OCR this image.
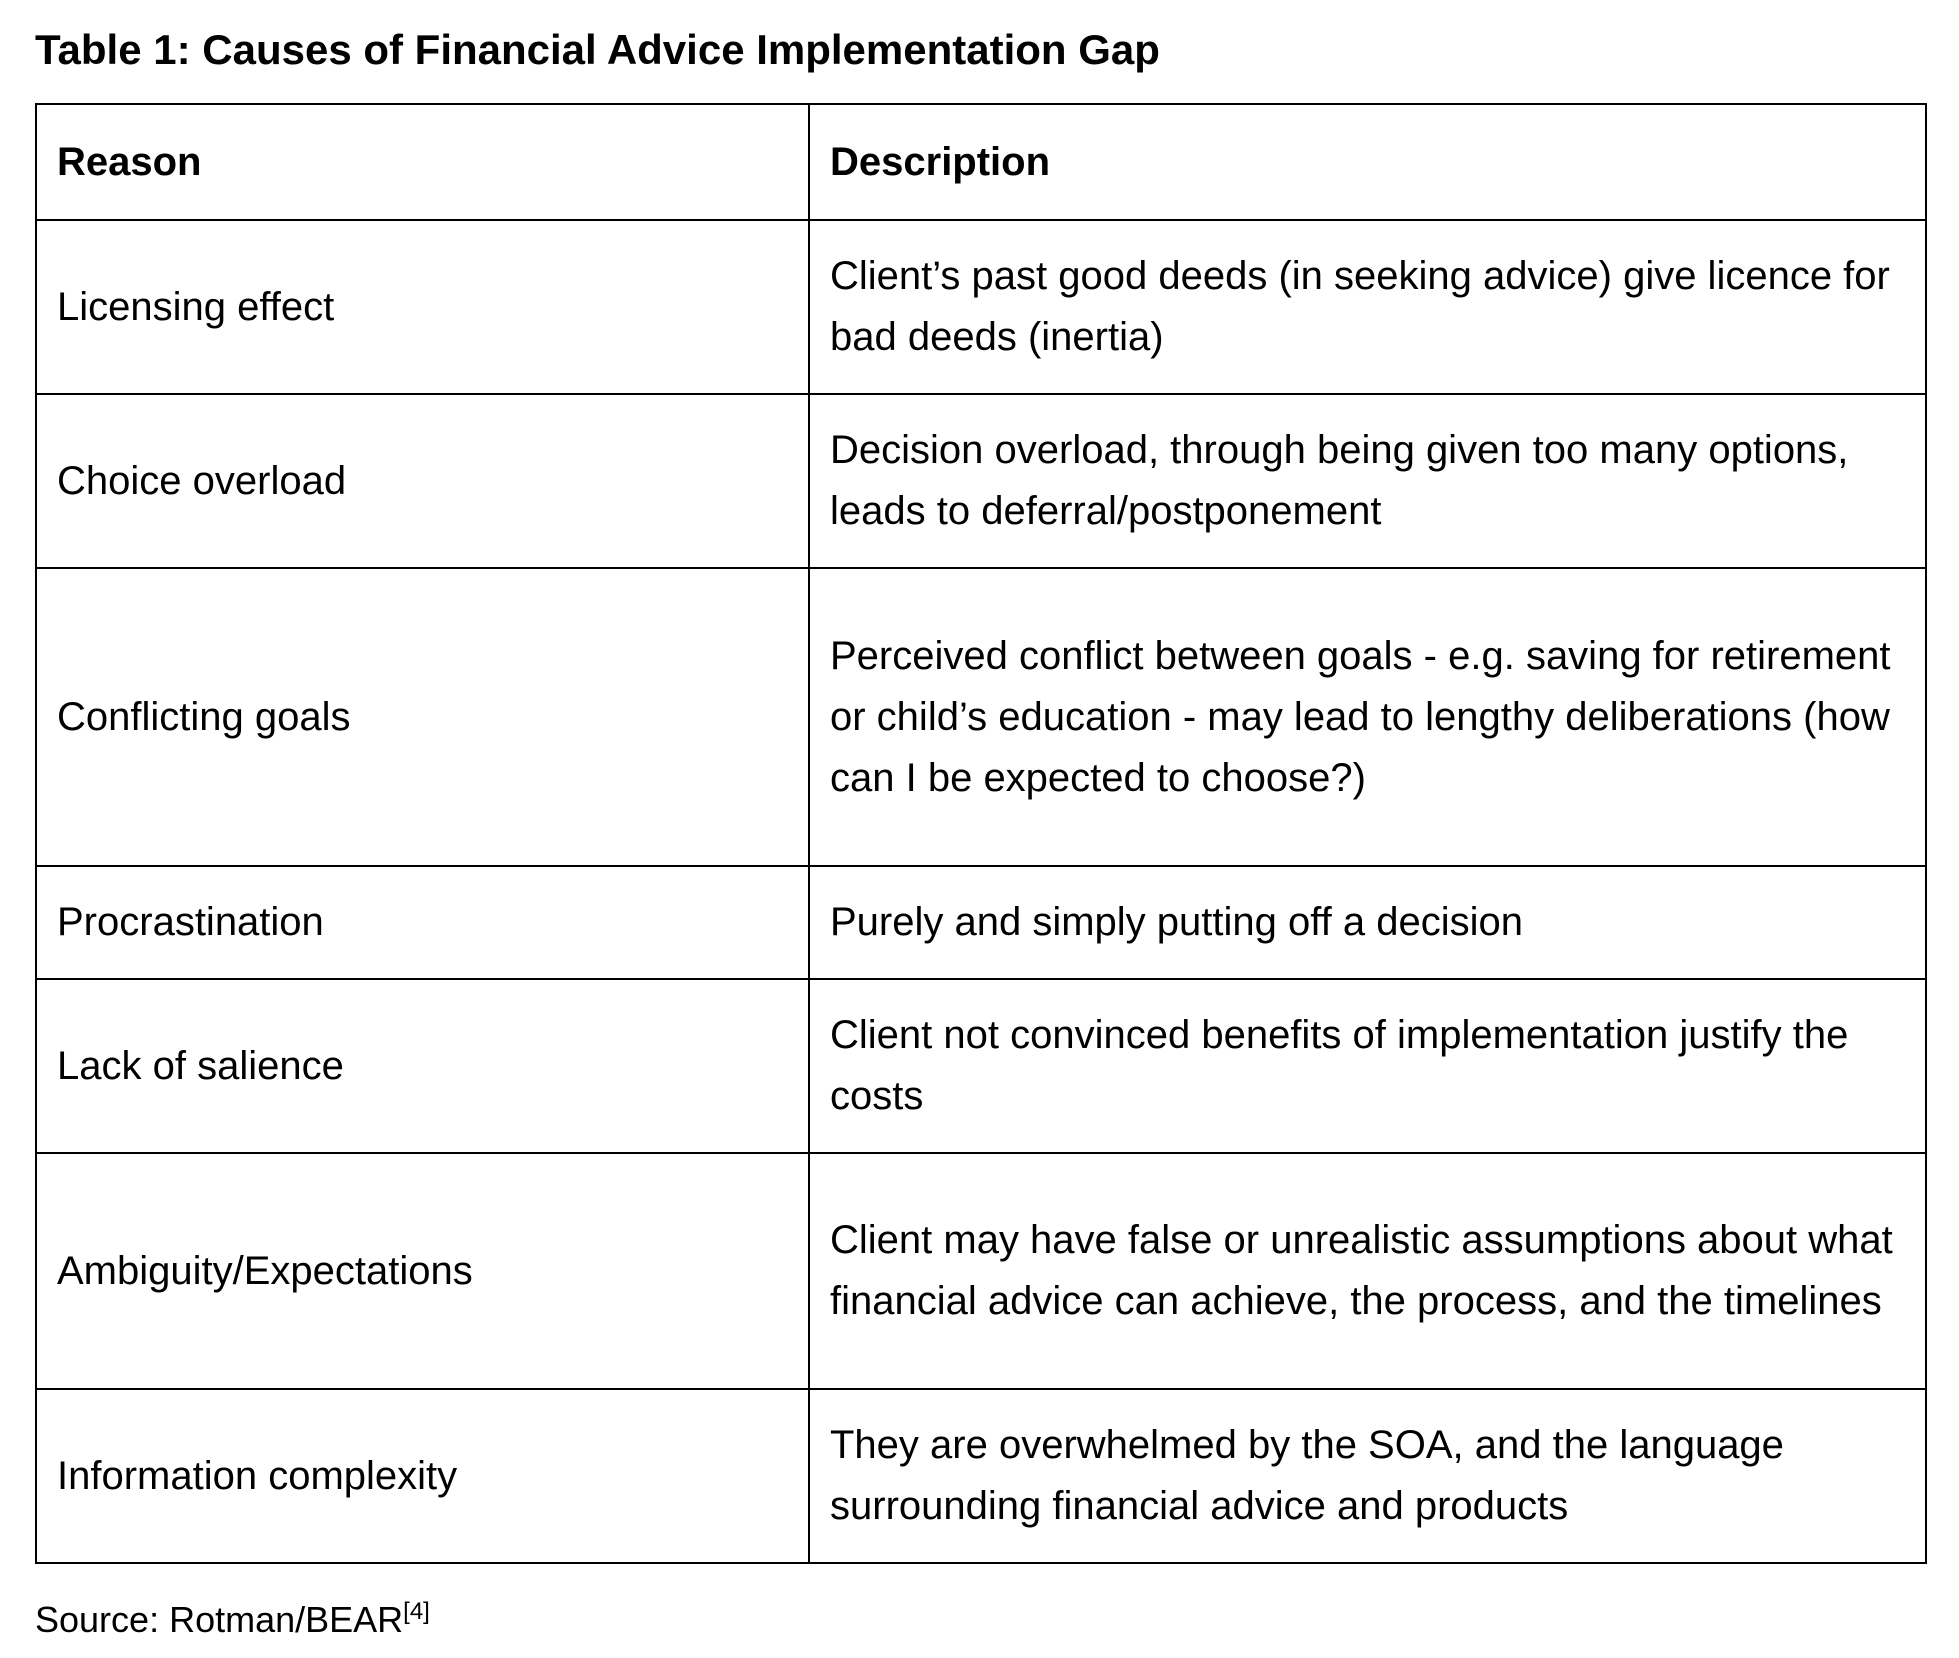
Table 1: Causes of Financial Advice Implementation Gap
Reason	Description
Licensing effect	Client’s past good deeds (in seeking advice) give licence for bad deeds (inertia)
Choice overload	Decision overload, through being given too many options, leads to deferral/postponement
Conflicting goals	Perceived conflict between goals - e.g. saving for retirement or child’s education - may lead to lengthy deliberations (how can I be expected to choose?)
Procrastination	Purely and simply putting off a decision
Lack of salience	Client not convinced benefits of implementation justify the costs
Ambiguity/Expectations	Client may have false or unrealistic assumptions about what financial advice can achieve, the process, and the timelines
Information complexity	They are overwhelmed by the SOA, and the language surrounding financial advice and products
Source: Rotman/BEAR[4]
